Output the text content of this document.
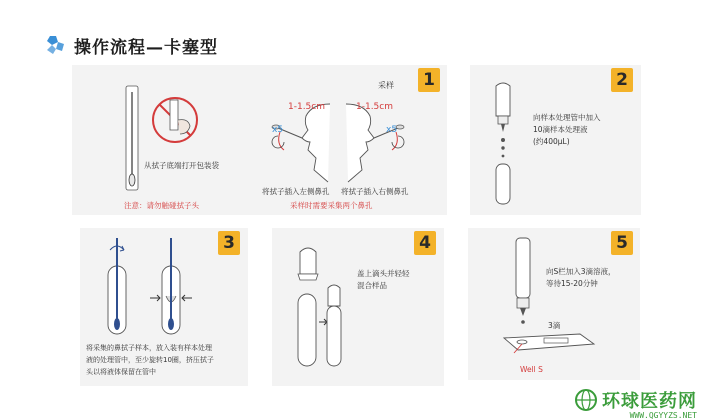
操作流程—卡塞型
1
采样
从拭子底端打开包装袋
注意：请勿触碰拭子头
1-1.5cm
x5
1-1.5cm
x5
将拭子插入左侧鼻孔 将拭子插入右侧鼻孔
采样时需要采集两个鼻孔
2
向样本处理管中加入
10滴样本处理液
(约400μL)
3
将采集的鼻拭子样本，放入装有样本处理
液的处理管中，至少旋转10圈，挤压拭子
头以将液体保留在管中
4
盖上滴头并轻轻
混合样品
5
向S栏加入3滴溶液，
等待15-20分钟
3滴
Well S
环球医药网
WWW.QGYYZS.NET
